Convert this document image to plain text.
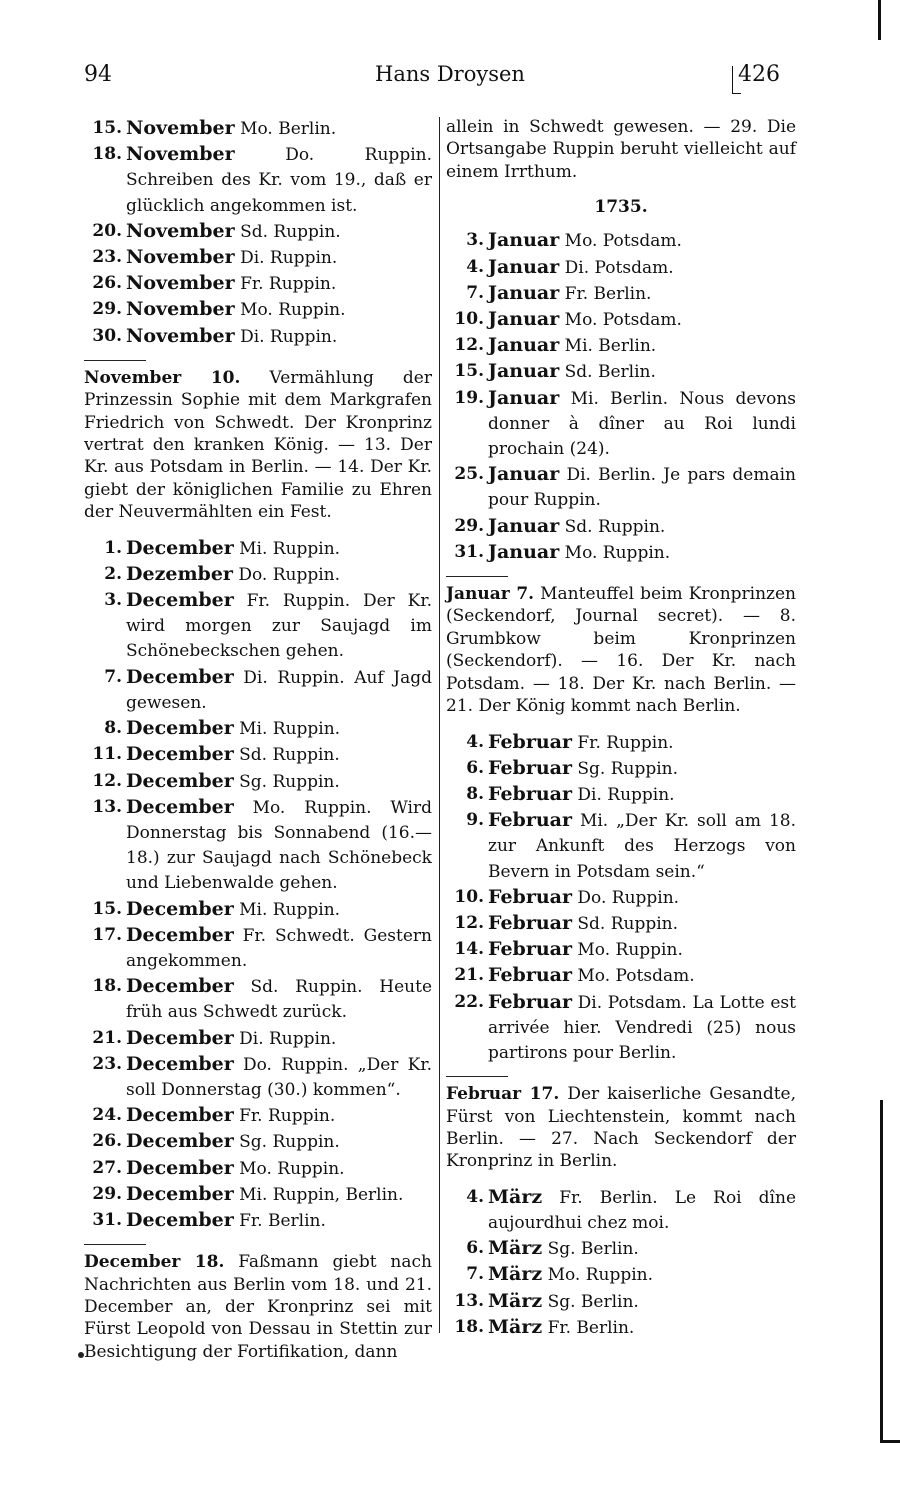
94	Hans Droysen	426
15. November Mo. Berlin.
18. November	Do. Ruppin. Schreiben des Kr. vom 19., daß er glücklich angekommen ist.
20. November Sd. Ruppin.
23. November Di. Ruppin.
26. November Fr. Ruppin.
29. November Mo. Ruppin.
30. November Di. Ruppin.
November 10. Vermählung der Prinzessin Sophie mit dem Markgrafen Friedrich von Schwedt. Der Kronprinz vertrat den kranken König. — 13. Der Kr. aus Potsdam in Berlin. — 14. Der Kr. giebt der königlichen Familie zu Ehren der Neuvermählten ein Fest.
1. December Mi. Ruppin.
2. Dezember Do. Ruppin.
3. December Fr. Ruppin. Der Kr. wird morgen zur Saujagd im Schönebeckschen gehen.
7. December Di. Ruppin. Auf Jagd gewesen.
8. December Mi. Ruppin.
11. December Sd. Ruppin.
12. December Sg. Ruppin.
13. December Mo. Ruppin. Wird Donnerstag bis Sonnabend (16.—18.) zur Saujagd nach Schönebeck und Liebenwalde gehen.
15. December Mi. Ruppin.
17. December Fr. Schwedt. Gestern angekommen.
18. December Sd. Ruppin. Heute früh aus Schwedt zurück.
21. December Di. Ruppin.
23. December Do. Ruppin. „Der Kr. soll Donnerstag (30.) kommen“.
24. December Fr. Ruppin.
26. December Sg. Ruppin.
27. December Mo. Ruppin.
29. December Mi. Ruppin, Berlin.
31. December Fr. Berlin.
December 18. Faßmann giebt nach Nachrichten aus Berlin vom 18. und 21. December an, der Kronprinz sei mit Fürst Leopold von Dessau in Stettin zur Besichtigung der Fortifikation, dann
allein in Schwedt gewesen. — 29. Die Ortsangabe Ruppin beruht vielleicht auf einem Irrthum.
1735.
3. Januar Mo. Potsdam.
4. Januar Di. Potsdam.
7. Januar Fr. Berlin.
10. Januar Mo. Potsdam.
12. Januar Mi. Berlin.
15. Januar Sd. Berlin.
19. Januar Mi. Berlin. Nous devons donner à dîner au Roi lundi prochain (24).
25. Januar Di. Berlin. Je pars demain pour Ruppin.
29. Januar Sd. Ruppin.
31. Januar Mo. Ruppin.
Januar 7. Manteuffel beim Kronprinzen (Seckendorf, Journal secret). — 8. Grumbkow beim Kronprinzen (Seckendorf). — 16. Der Kr. nach Potsdam. — 18. Der Kr. nach Berlin. — 21. Der König kommt nach Berlin.
4. Februar Fr. Ruppin.
6. Februar Sg. Ruppin.
8. Februar Di. Ruppin.
9. Februar Mi. „Der Kr. soll am 18. zur Ankunft des Herzogs von Bevern in Potsdam sein.“
10. Februar Do. Ruppin.
12. Februar Sd. Ruppin.
14. Februar Mo. Ruppin.
21. Februar Mo. Potsdam.
22. Februar Di. Potsdam. La Lotte est arrivée hier. Vendredi (25) nous partirons pour Berlin.
Februar 17. Der kaiserliche Gesandte, Fürst von Liechtenstein, kommt nach Berlin. — 27. Nach Seckendorf der Kronprinz in Berlin.
4. März Fr. Berlin. Le Roi dîne aujourdhui chez moi.
6. März Sg. Berlin.
7. März Mo. Ruppin.
13. März Sg. Berlin.
18. März Fr. Berlin.
